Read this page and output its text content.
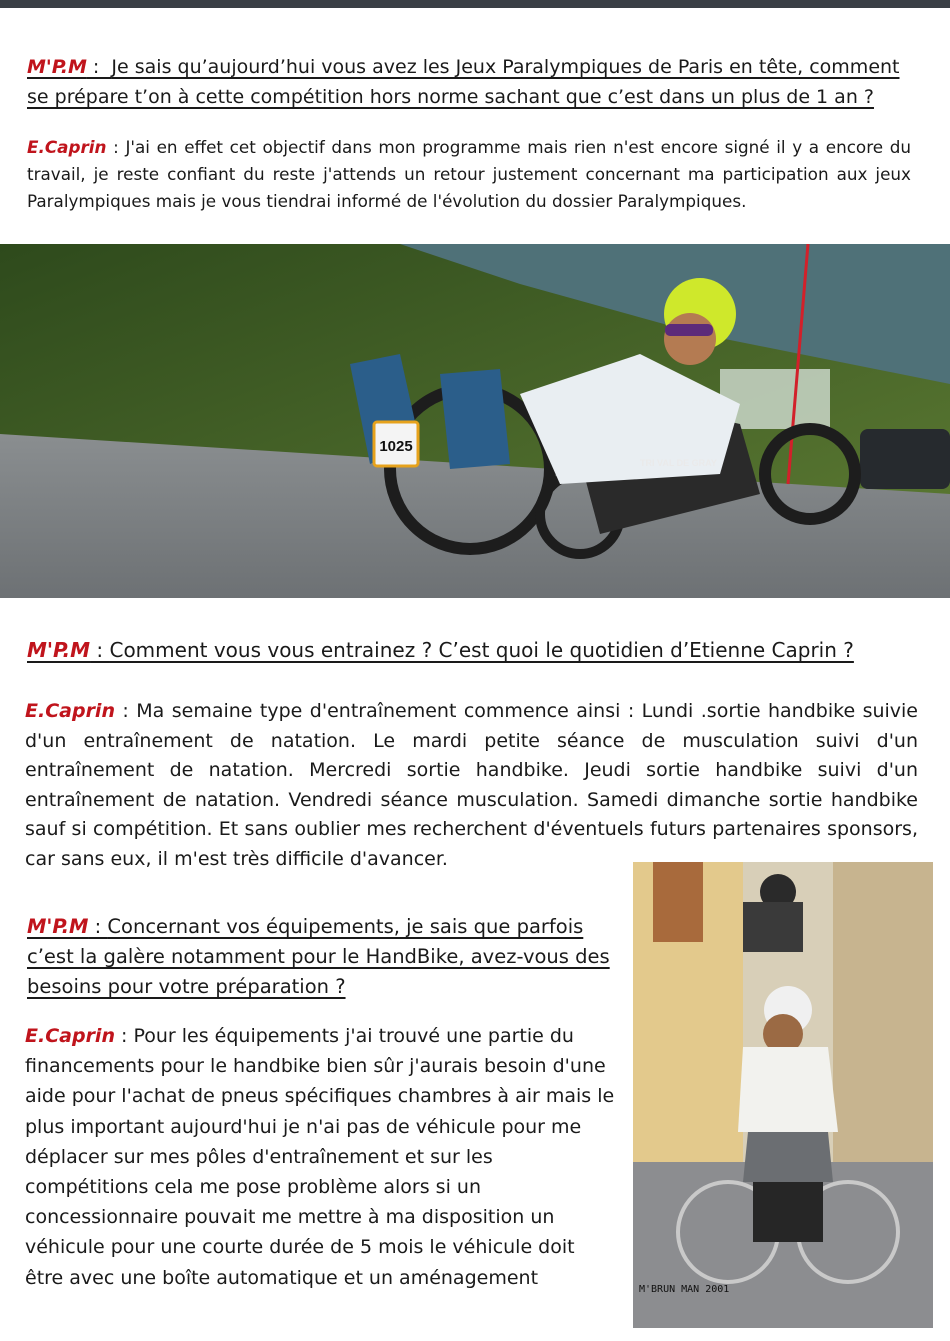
M'P.M :  Je sais qu’aujourd’hui vous avez les Jeux Paralympiques de Paris en tête, comment se prépare t’on à cette compétition hors norme sachant que c’est dans un plus de 1 an ?

E.Caprin : J'ai en effet cet objectif dans mon programme mais rien n'est encore signé il y a encore du travail, je reste confiant du reste j'attends un retour justement concernant ma participation aux jeux Paralympiques mais je vous tiendrai informé de l'évolution du dossier Paralympiques.

1025
TRI VAL DE GRAY

M'P.M : Comment vous vous entrainez ? C’est quoi le quotidien d’Etienne Caprin ?

E.Caprin : Ma semaine type d'entraînement commence ainsi : Lundi .sortie handbike suivie d'un entraînement de natation. Le mardi petite séance de musculation suivi d'un entraînement de natation. Mercredi sortie handbike. Jeudi sortie handbike suivi d'un entraînement de natation. Vendredi séance musculation. Samedi dimanche sortie handbike sauf si compétition. Et sans oublier mes recherchent d'éventuels futurs partenaires sponsors, car sans eux, il m'est très difficile d'avancer.

M'BRUN MAN 2001

M'P.M : Concernant vos équipements, je sais que parfois c’est la galère notamment pour le HandBike, avez-vous des besoins pour votre préparation ?

E.Caprin : Pour les équipements j'ai trouvé une partie du financements pour le handbike bien sûr j'aurais besoin d'une aide pour l'achat de pneus spécifiques chambres à air mais le plus important aujourd'hui je n'ai pas de véhicule pour me déplacer sur mes pôles d'entraînement et sur les compétitions cela me pose problème alors si un concessionnaire pouvait me mettre à ma disposition un véhicule pour une courte durée de 5 mois le véhicule doit être avec une boîte automatique et un aménagement
